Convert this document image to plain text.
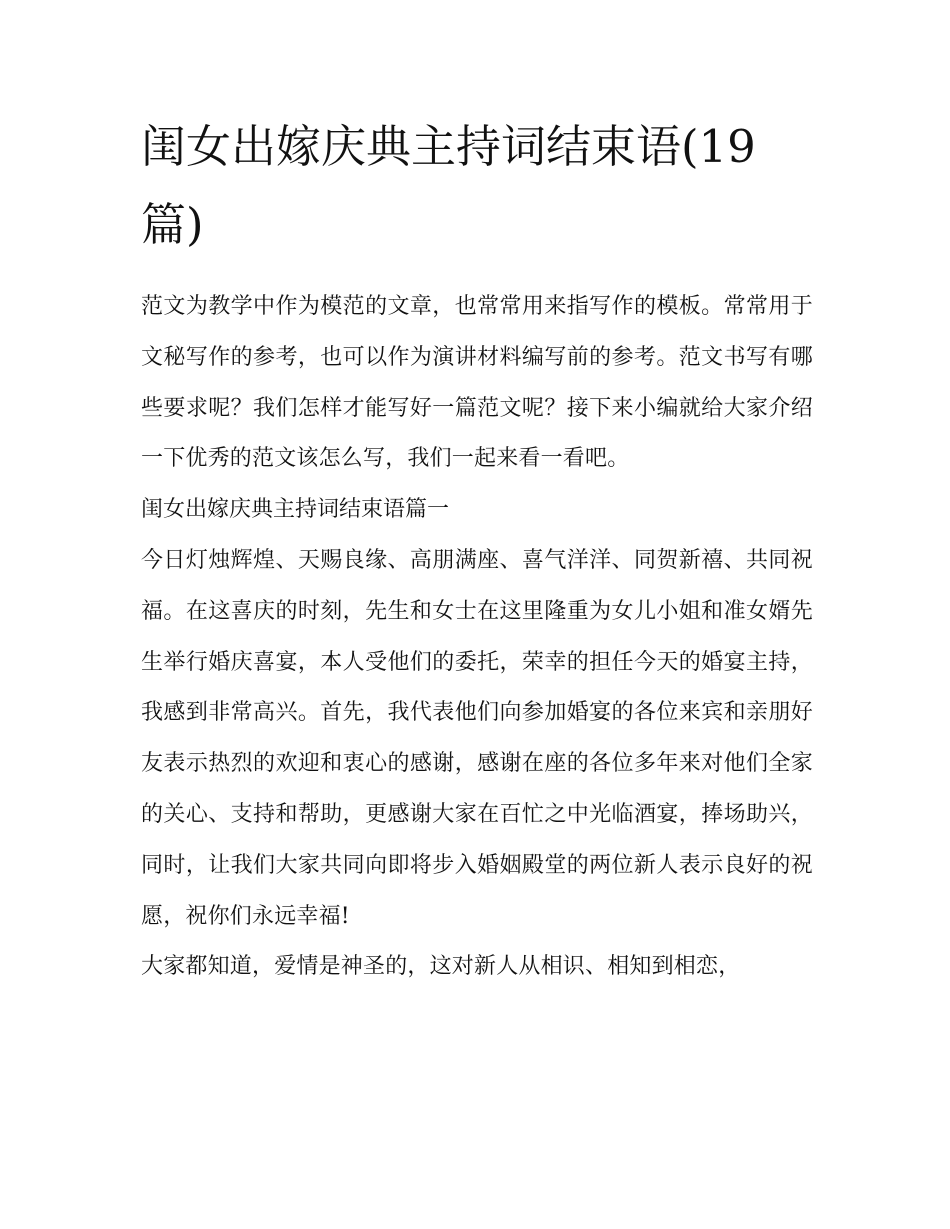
闺女出嫁庆典主持词结束语(19篇)

范文为教学中作为模范的文章，也常常用来指写作的模板。常常用于文秘写作的参考，也可以作为演讲材料编写前的参考。范文书写有哪些要求呢？我们怎样才能写好一篇范文呢？接下来小编就给大家介绍一下优秀的范文该怎么写，我们一起来看一看吧。

闺女出嫁庆典主持词结束语篇一

今日灯烛辉煌、天赐良缘、高朋满座、喜气洋洋、同贺新禧、共同祝福。在这喜庆的时刻，先生和女士在这里隆重为女儿小姐和准女婿先生举行婚庆喜宴，本人受他们的委托，荣幸的担任今天的婚宴主持，我感到非常高兴。首先，我代表他们向参加婚宴的各位来宾和亲朋好友表示热烈的欢迎和衷心的感谢，感谢在座的各位多年来对他们全家的关心、支持和帮助，更感谢大家在百忙之中光临酒宴，捧场助兴，同时，让我们大家共同向即将步入婚姻殿堂的两位新人表示良好的祝愿，祝你们永远幸福!

大家都知道，爱情是神圣的，这对新人从相识、相知到相恋，
